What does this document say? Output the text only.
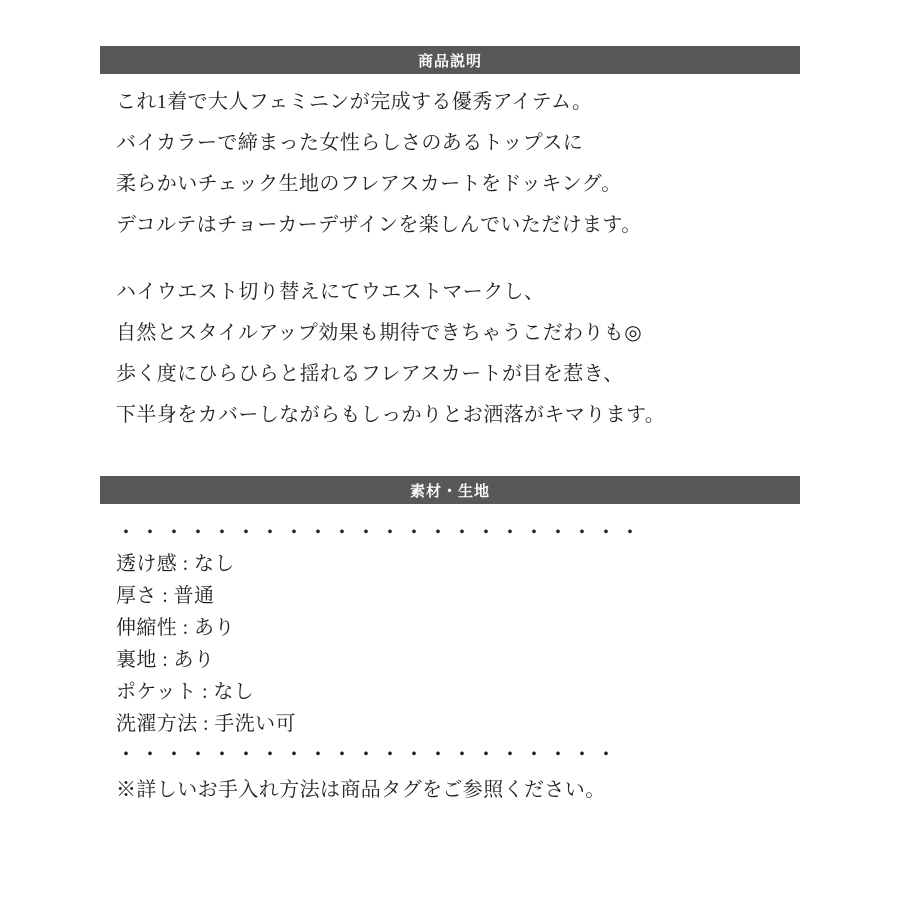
商品説明
これ1着で大人フェミニンが完成する優秀アイテム。
バイカラーで締まった女性らしさのあるトップスに
柔らかいチェック生地のフレアスカートをドッキング。
デコルテはチョーカーデザインを楽しんでいただけます。
ハイウエスト切り替えにてウエストマークし、
自然とスタイルアップ効果も期待できちゃうこだわりも◎
歩く度にひらひらと揺れるフレアスカートが目を惹き、
下半身をカバーしながらもしっかりとお洒落がキマります。
素材・生地
・・・・・・・・・・・・・・・・・・・・・・
透け感 : なし
厚さ : 普通
伸縮性 : あり
裏地 : あり
ポケット : なし
洗濯方法 : 手洗い可
・・・・・・・・・・・・・・・・・・・・・
※詳しいお手入れ方法は商品タグをご参照ください。
